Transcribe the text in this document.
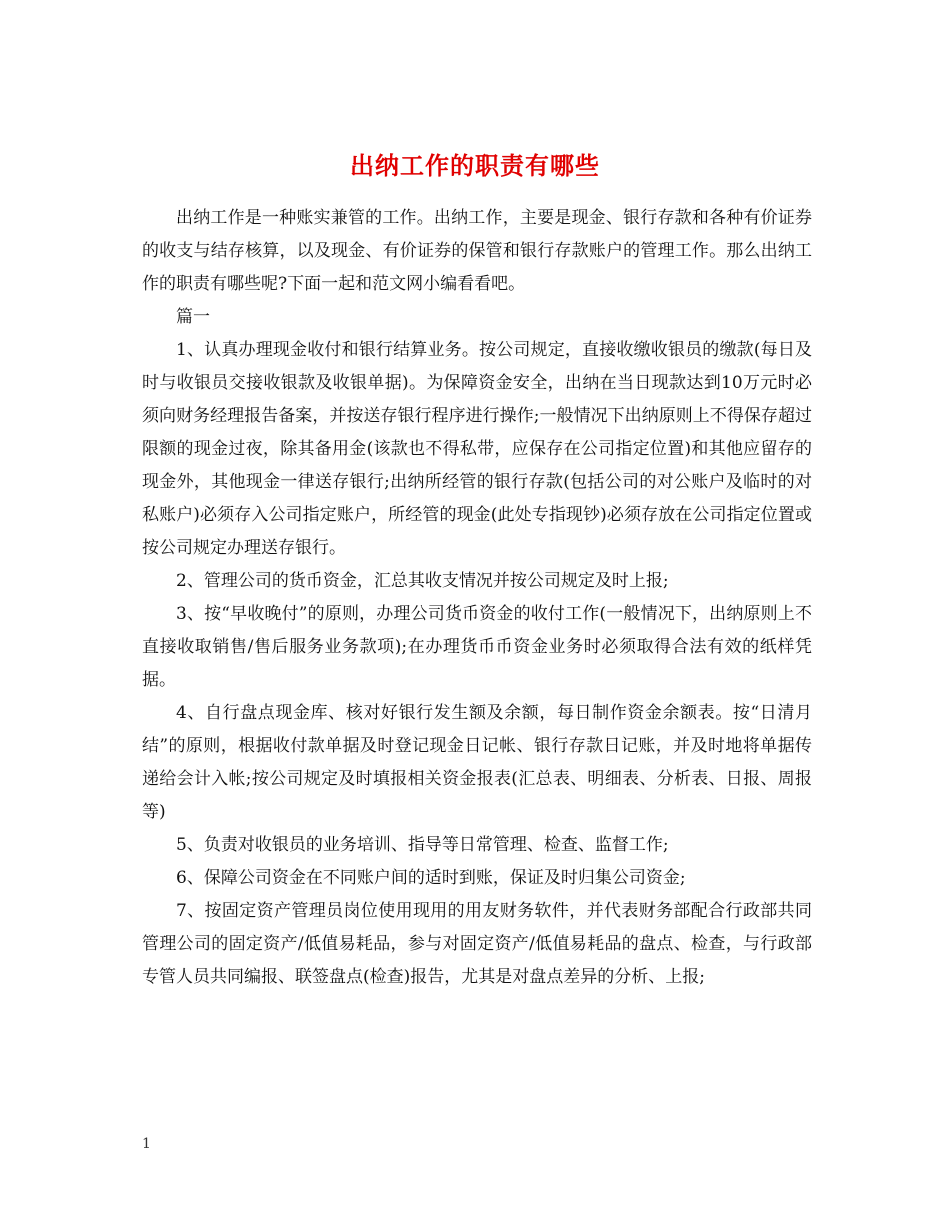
出纳工作的职责有哪些

出纳工作是一种账实兼管的工作。出纳工作，主要是现金、银行存款和各种有价证券的收支与结存核算，以及现金、有价证券的保管和银行存款账户的管理工作。那么出纳工作的职责有哪些呢?下面一起和范文网小编看看吧。

篇一

1、认真办理现金收付和银行结算业务。按公司规定，直接收缴收银员的缴款(每日及时与收银员交接收银款及收银单据)。为保障资金安全，出纳在当日现款达到10万元时必须向财务经理报告备案，并按送存银行程序进行操作;一般情况下出纳原则上不得保存超过限额的现金过夜，除其备用金(该款也不得私带，应保存在公司指定位置)和其他应留存的现金外，其他现金一律送存银行;出纳所经管的银行存款(包括公司的对公账户及临时的对私账户)必须存入公司指定账户，所经管的现金(此处专指现钞)必须存放在公司指定位置或按公司规定办理送存银行。

2、管理公司的货币资金，汇总其收支情况并按公司规定及时上报;

3、按“早收晚付”的原则，办理公司货币资金的收付工作(一般情况下，出纳原则上不直接收取销售/售后服务业务款项);在办理货币币资金业务时必须取得合法有效的纸样凭据。

4、自行盘点现金库、核对好银行发生额及余额，每日制作资金余额表。按“日清月结”的原则，根据收付款单据及时登记现金日记帐、银行存款日记账，并及时地将单据传递给会计入帐;按公司规定及时填报相关资金报表(汇总表、明细表、分析表、日报、周报等)

5、负责对收银员的业务培训、指导等日常管理、检查、监督工作;

6、保障公司资金在不同账户间的适时到账，保证及时归集公司资金;

7、按固定资产管理员岗位使用现用的用友财务软件，并代表财务部配合行政部共同管理公司的固定资产/低值易耗品，参与对固定资产/低值易耗品的盘点、检查，与行政部专管人员共同编报、联签盘点(检查)报告，尤其是对盘点差异的分析、上报;

1
